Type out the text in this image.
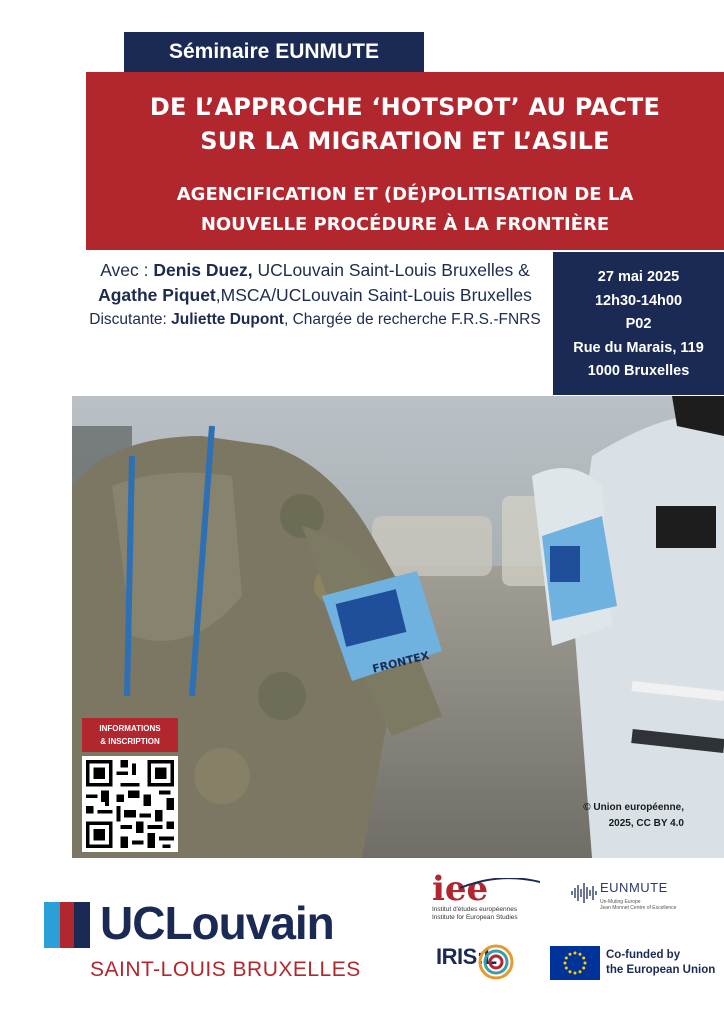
Séminaire EUNMUTE
DE L’APPROCHE ‘HOTSPOT’ AU PACTE
SUR LA MIGRATION ET L’ASILE
AGENCIFICATION ET (DÉ)POLITISATION DE LA
NOUVELLE PROCÉDURE À LA FRONTIÈRE
Avec : Denis Duez, UCLouvain Saint-Louis Bruxelles & Agathe Piquet,MSCA/UCLouvain Saint-Louis Bruxelles
Discutante: Juliette Dupont, Chargée de recherche F.R.S.-FNRS
27 mai 2025
12h30-14h00
P02
Rue du Marais, 119
1000 Bruxelles
FRONTEX
© Union européenne,
2025, CC BY 4.0
INFORMATIONS
& INSCRIPTION
UCLouvain
SAINT-LOUIS BRUXELLES
iee
Institut d'études européennes
Institute for European Studies
EUNMUTE
Un-Muting Europe
Jean Monnet Centre of Excellence
IRIS:L	Co-funded by
the European Union
